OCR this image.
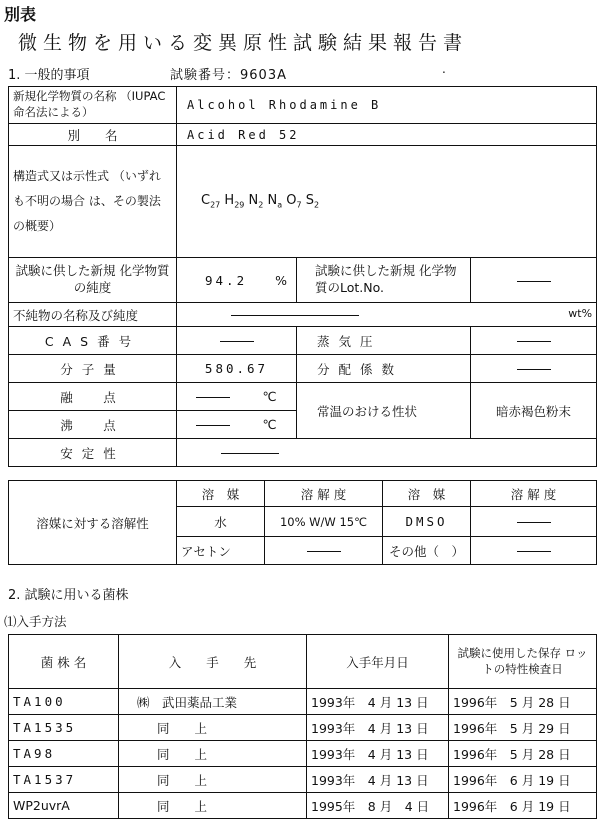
別表
微生物を用いる変異原性試験結果報告書
1. 一般的事項	試験番号：9603A	.
新規化学物質の名称 （IUPAC命名法による）	Alcohol Rhodamine B		
別　　名	Acid Red 52		
構造式又は示性式 （いずれも不明の場合 は、その製法の概要）	$C_{27}$ $H_{29}$ $N_2$ $N_a$ $O_7$ $S_2$
試験に供した新規 化学物質の純度	94.2 %	試験に供した新規 化学物質のLot.No.	
不純物の名称及び純度	wt%		

CAS番号		蒸気圧	
分子量	580.67	分配係数	
融　点	℃	常温のおける性状	暗赤褐色粉末
沸　点	℃		
安定性			
溶媒に対する溶解性	溶　媒	溶 解 度	溶　媒	溶 解 度
	水	10% W/W 15℃	DMSO	
	アセトン		その他（　）	
2. 試験に用いる菌株
⑴入手方法
菌 株 名	入　　手　　先	入手年月日	試験に使用した保存 ロットの特性検査日
TA100	㈱　武田薬品工業	1993年　4 月 13 日	1996年　5 月 28 日
TA1535	同　　上	1993年　4 月 13 日	1996年　5 月 29 日
TA98	同　　上	1993年　4 月 13 日	1996年　5 月 28 日
TA1537	同　　上	1993年　4 月 13 日	1996年　6 月 19 日
WP2uvrA	同　　上	1995年　8 月　4 日	1996年　6 月 19 日
